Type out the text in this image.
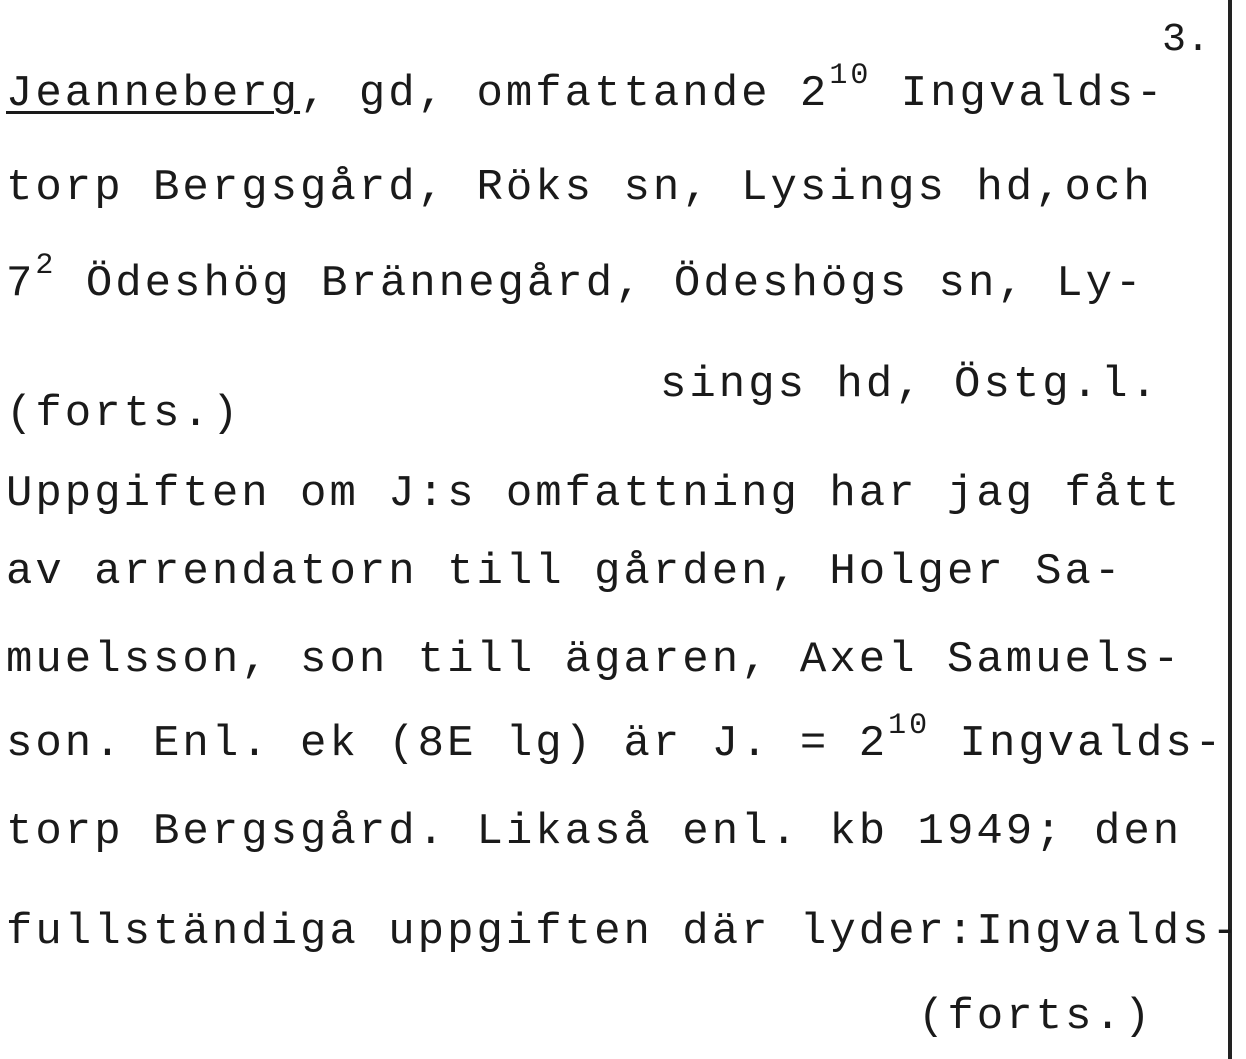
3.
Jeanneberg, gd, omfattande $2^{10}$ Ingvalds-
torp Bergsgård, Röks sn, Lysings hd,och
$7^2$ Ödeshög Brännegård, Ödeshögs sn, Ly-
sings hd, Östg.l.
(forts.)
Uppgiften om J:s omfattning har jag fått
av arrendatorn till gården, Holger Sa-
muelsson, son till ägaren, Axel Samuels-
son. Enl. ek (8E lg) är J. = $2^{10}$ Ingvalds-
torp Bergsgård. Likaså enl. kb 1949; den
fullständiga uppgiften där lyder:Ingvalds-
(forts.)
